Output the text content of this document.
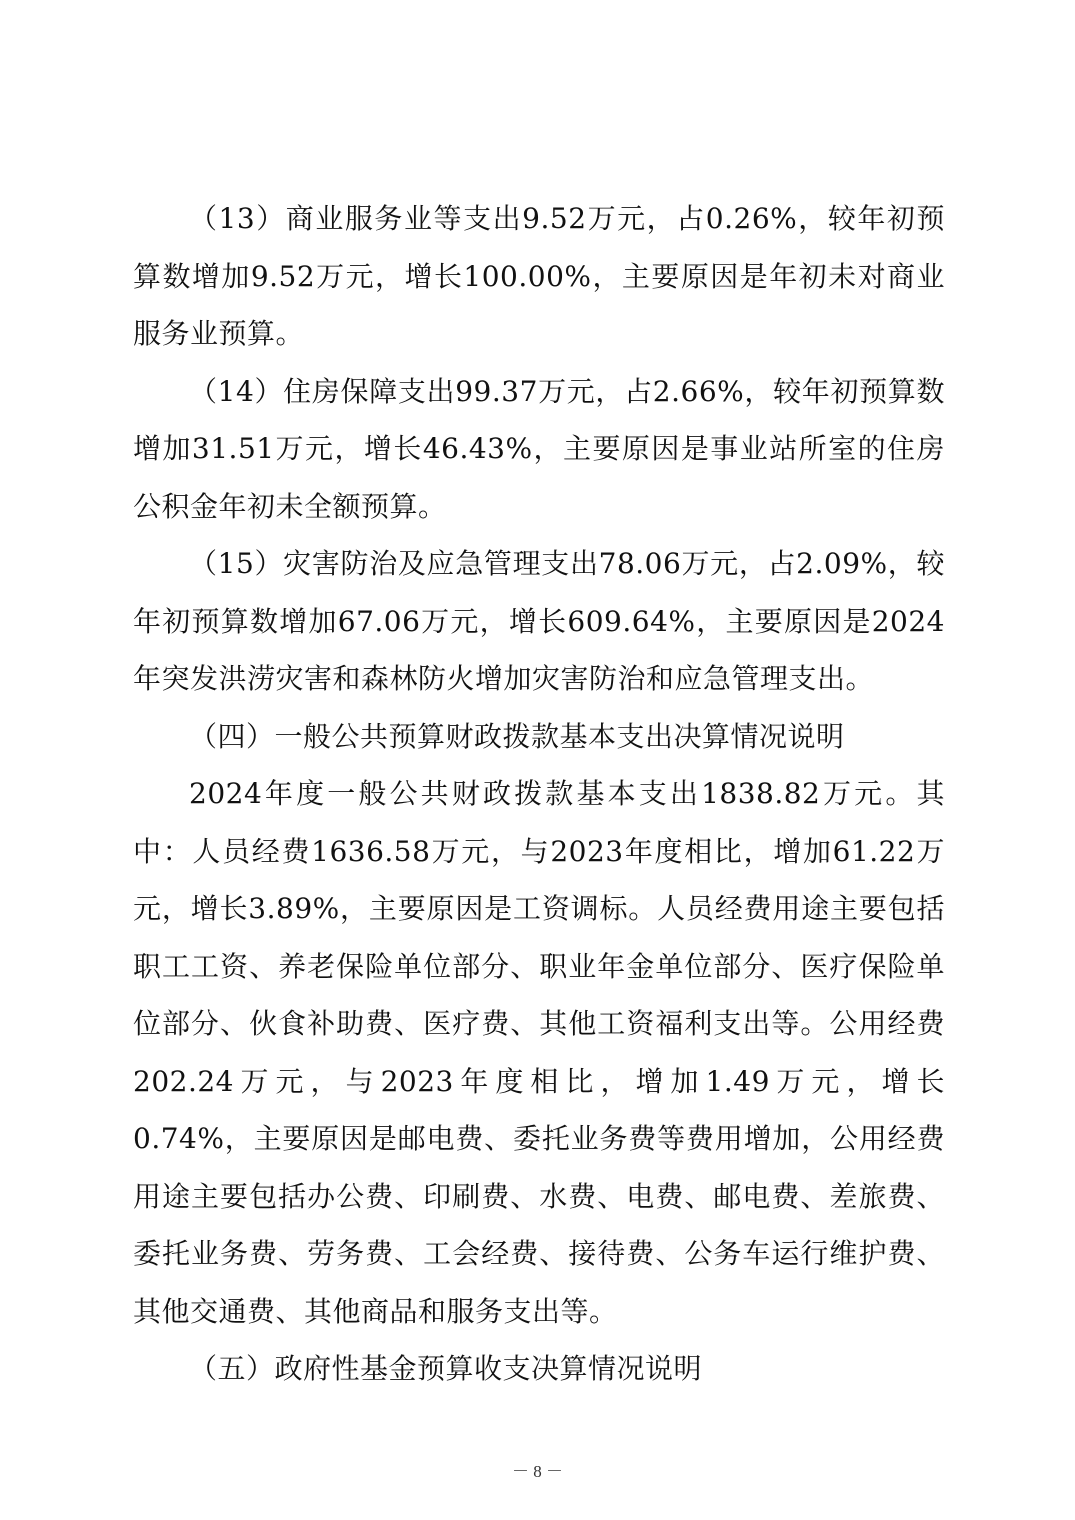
（13）商业服务业等支出9.52万元，占0.26%，较年初预算数增加9.52万元，增长100.00%，主要原因是年初未对商业服务业预算。

（14）住房保障支出99.37万元，占2.66%，较年初预算数增加31.51万元，增长46.43%，主要原因是事业站所室的住房公积金年初未全额预算。

（15）灾害防治及应急管理支出78.06万元，占2.09%，较年初预算数增加67.06万元，增长609.64%，主要原因是2024年突发洪涝灾害和森林防火增加灾害防治和应急管理支出。

（四）一般公共预算财政拨款基本支出决算情况说明

2024年度一般公共财政拨款基本支出1838.82万元。其中：人员经费1636.58万元，与2023年度相比，增加61.22万元，增长3.89%，主要原因是工资调标。人员经费用途主要包括职工工资、养老保险单位部分、职业年金单位部分、医疗保险单位部分、伙食补助费、医疗费、其他工资福利支出等。公用经费202.24万元，与2023年度相比，增加1.49万元，增长0.74%，主要原因是邮电费、委托业务费等费用增加，公用经费用途主要包括办公费、印刷费、水费、电费、邮电费、差旅费、委托业务费、劳务费、工会经费、接待费、公务车运行维护费、其他交通费、其他商品和服务支出等。

（五）政府性基金预算收支决算情况说明
－ 8 －
